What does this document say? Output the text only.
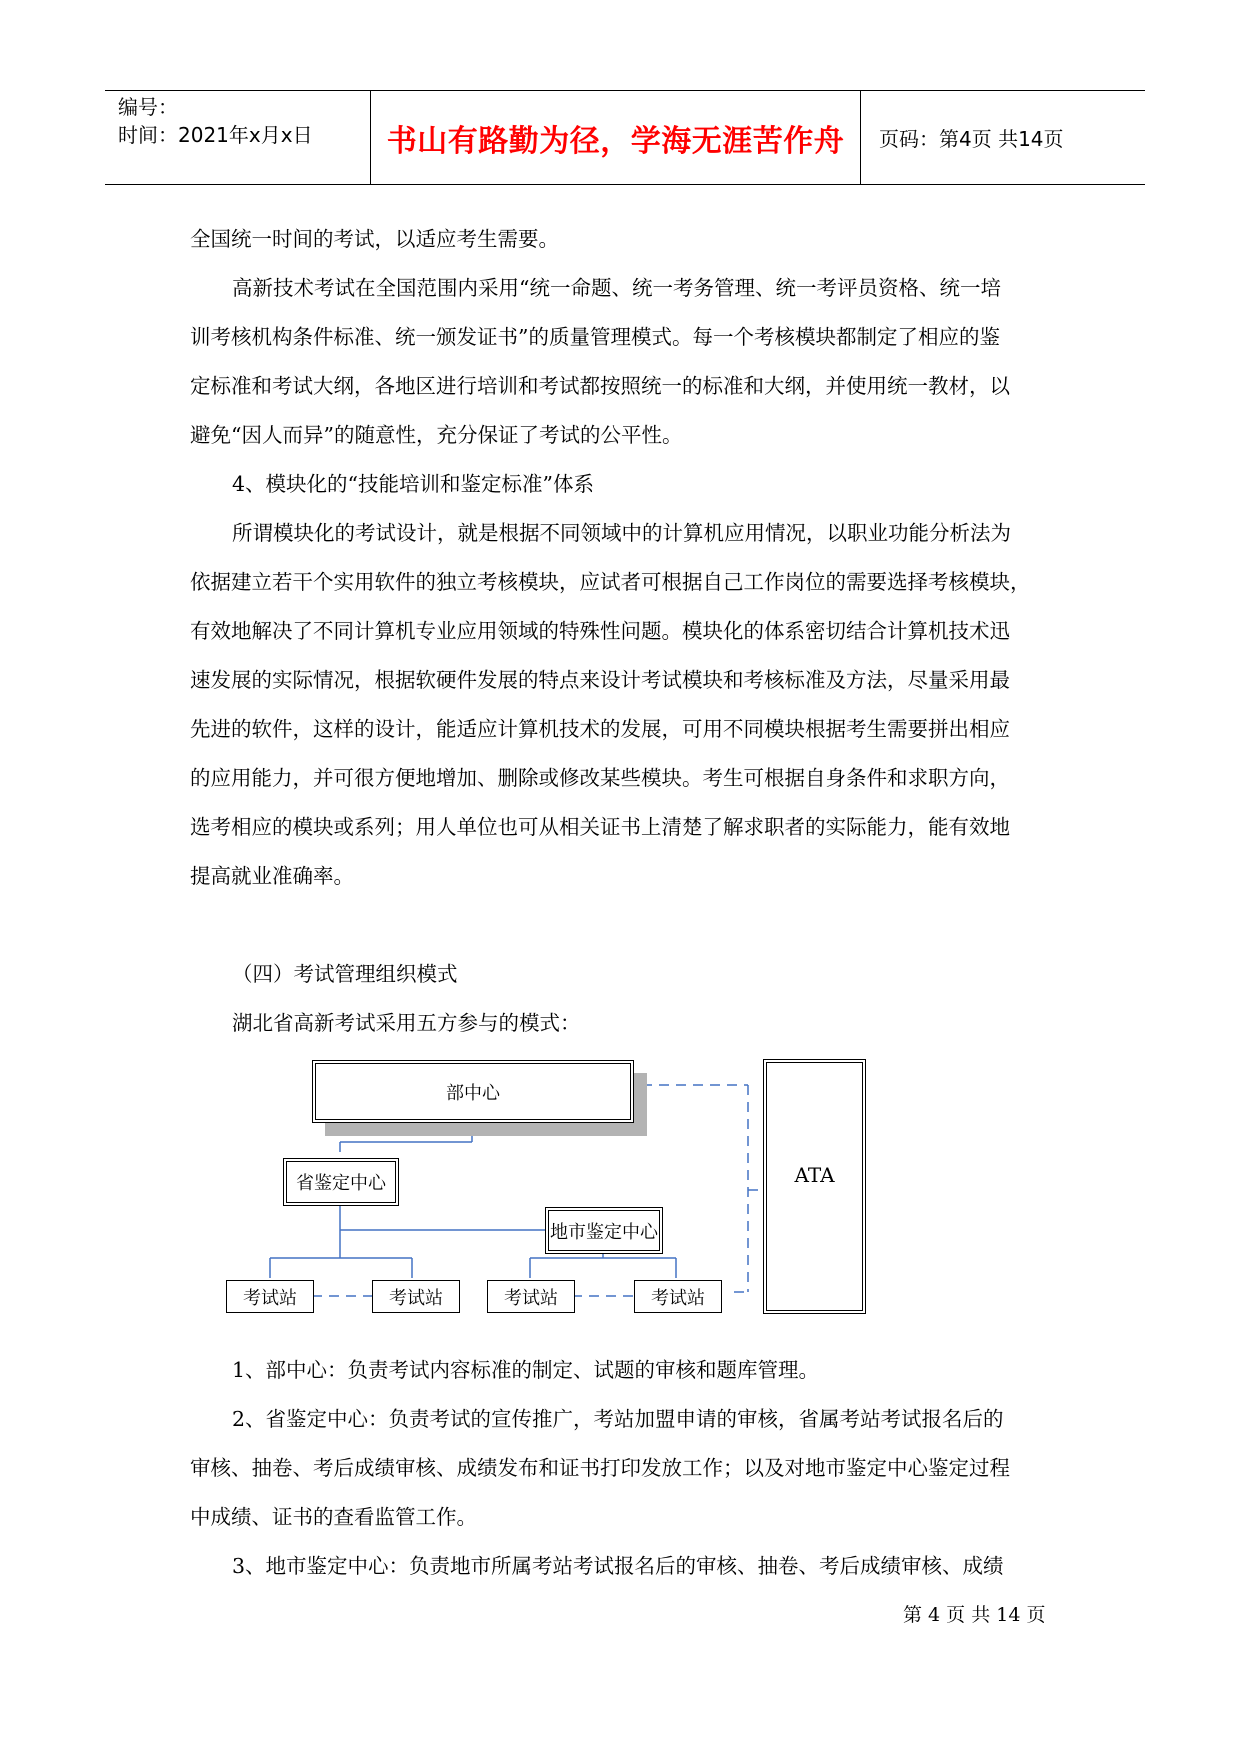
编号：
时间：2021年x月x日	书山有路勤为径，学海无涯苦作舟	页码：第4页 共14页
全国统一时间的考试，以适应考生需要。
高新技术考试在全国范围内采用“统一命题、统一考务管理、统一考评员资格、统一培
训考核机构条件标准、统一颁发证书”的质量管理模式。每一个考核模块都制定了相应的鉴
定标准和考试大纲，各地区进行培训和考试都按照统一的标准和大纲，并使用统一教材，以
避免“因人而异”的随意性，充分保证了考试的公平性。
4、模块化的“技能培训和鉴定标准”体系
所谓模块化的考试设计，就是根据不同领域中的计算机应用情况，以职业功能分析法为
依据建立若干个实用软件的独立考核模块，应试者可根据自己工作岗位的需要选择考核模块，
有效地解决了不同计算机专业应用领域的特殊性问题。模块化的体系密切结合计算机技术迅
速发展的实际情况，根据软硬件发展的特点来设计考试模块和考核标准及方法，尽量采用最
先进的软件，这样的设计，能适应计算机技术的发展，可用不同模块根据考生需要拼出相应
的应用能力，并可很方便地增加、删除或修改某些模块。考生可根据自身条件和求职方向，
选考相应的模块或系列；用人单位也可从相关证书上清楚了解求职者的实际能力，能有效地
提高就业准确率。
（四）考试管理组织模式
湖北省高新考试采用五方参与的模式：
部中心
省鉴定中心
地市鉴定中心
考试站	考试站	考试站	考试站
ATA
1、部中心：负责考试内容标准的制定、试题的审核和题库管理。
2、省鉴定中心：负责考试的宣传推广，考站加盟申请的审核，省属考站考试报名后的
审核、抽卷、考后成绩审核、成绩发布和证书打印发放工作；以及对地市鉴定中心鉴定过程
中成绩、证书的查看监管工作。
3、地市鉴定中心：负责地市所属考站考试报名后的审核、抽卷、考后成绩审核、成绩
第 4 页 共 14 页
